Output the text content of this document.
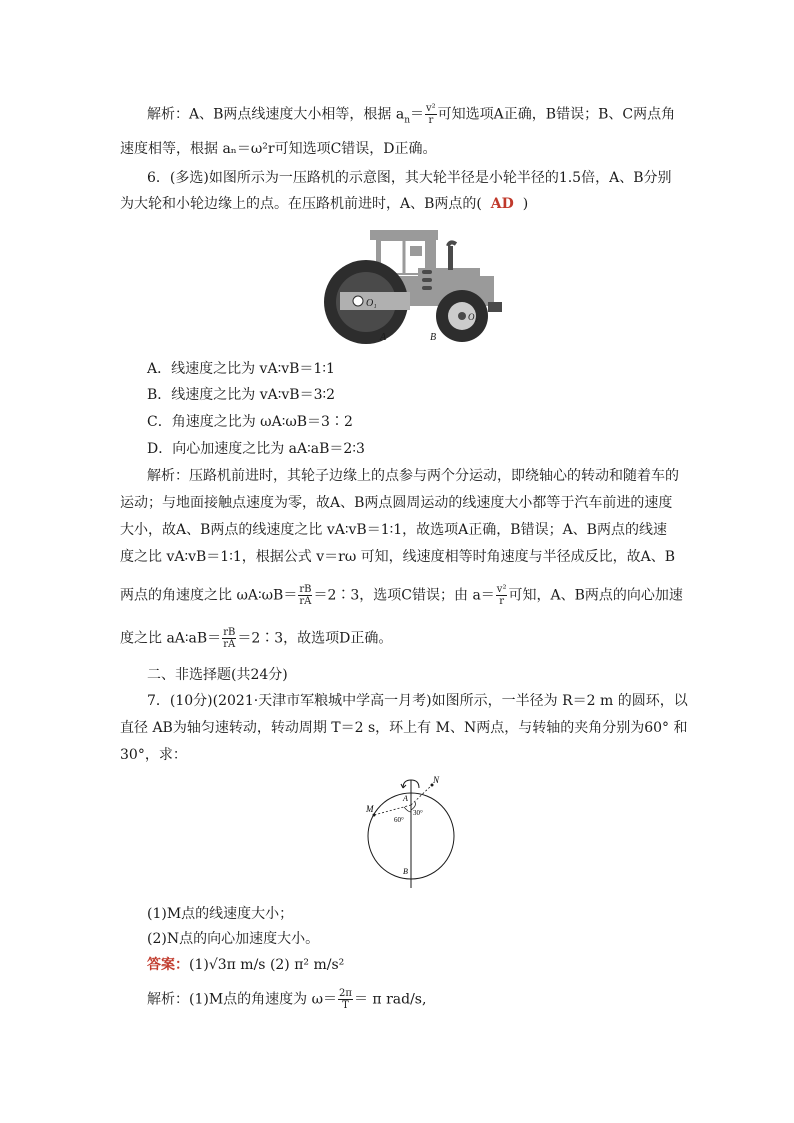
解析：A、B两点线速度大小相等，根据 $a_n= \frac{\text{v²}}{r}$ 可知选项A正确，B错误；B、C两点角
速度相等，根据 aₙ＝ω²r可知选项C错误，D正确。
6．(多选)如图所示为一压路机的示意图，其大轮半径是小轮半径的1.5倍，A、B分别
为大轮和小轮边缘上的点。在压路机前进时，A、B两点的( AD )
O₁
O₂
A	B
A．线速度之比为 vA∶vB＝1∶1
B．线速度之比为 vA∶vB＝3∶2
C．角速度之比为 ωA∶ωB＝3∶2
D．向心加速度之比为 aA∶aB＝2∶3
解析：压路机前进时，其轮子边缘上的点参与两个分运动，即绕轴心的转动和随着车的
运动；与地面接触点速度为零，故A、B两点圆周运动的线速度大小都等于汽车前进的速度
大小，故A、B两点的线速度之比 vA∶vB＝1∶1，故选项A正确，B错误；A、B两点的线速
度之比 vA∶vB＝1∶1，根据公式 v＝rω 可知，线速度相等时角速度与半径成反比，故A、B
两点的角速度之比 ωA∶ωB＝ $\frac{rB}{rA}$ ＝2∶3，选项C错误；由 $a= \frac{\text{v²}}{r}$ 可知，A、B两点的向心加速
度之比 aA∶aB＝ $\frac{rB}{rA}$ ＝2∶3，故选项D正确。
二、非选择题(共24分)
7．(10分)(2021·天津市军粮城中学高一月考)如图所示，一半径为 R＝2 m 的圆环，以
直径 AB为轴匀速转动，转动周期 T＝2 s，环上有 M、N两点，与转轴的夹角分别为60° 和
30°，求：
M
N
A
B
60°
30°
(1)M点的线速度大小；
(2)N点的向心加速度大小。
答案：(1)√3π m/s (2) π² m/s²
解析：(1)M点的角速度为 $\omega= \frac{2\pi}{T} = \pi$ rad/s,
